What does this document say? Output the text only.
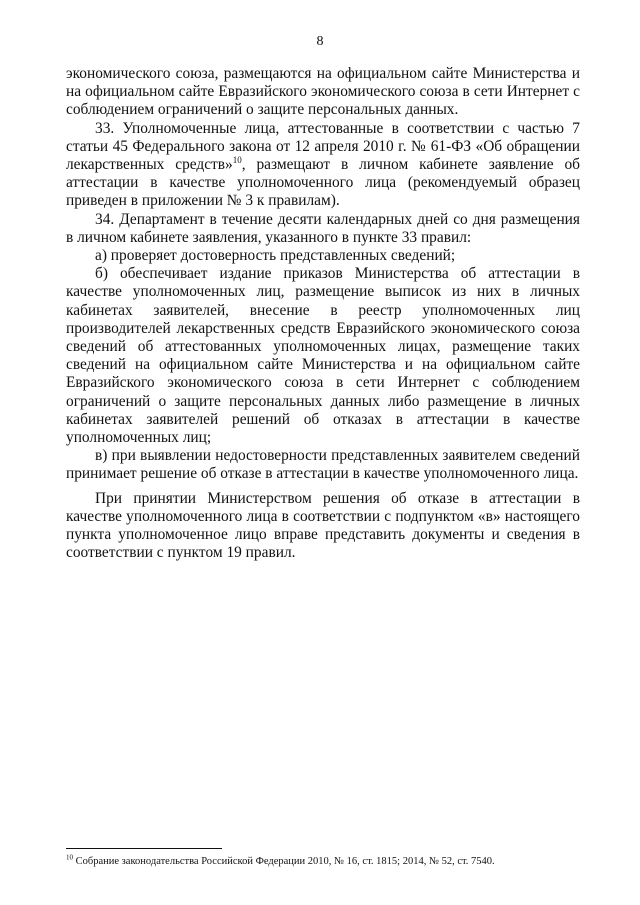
8

экономического союза, размещаются на официальном сайте Министерства и на официальном сайте Евразийского экономического союза в сети Интернет с соблюдением ограничений о защите персональных данных.

33. Уполномоченные лица, аттестованные в соответствии с частью 7 статьи 45 Федерального закона от 12 апреля 2010 г. № 61-ФЗ «Об обращении лекарственных средств»$^{10}$, размещают в личном кабинете заявление об аттестации в качестве уполномоченного лица (рекомендуемый образец приведен в приложении № 3 к правилам).

34. Департамент в течение десяти календарных дней со дня размещения в личном кабинете заявления, указанного в пункте 33 правил:

а) проверяет достоверность представленных сведений;

б) обеспечивает издание приказов Министерства об аттестации в качестве уполномоченных лиц, размещение выписок из них в личных кабинетах заявителей, внесение в реестр уполномоченных лиц производителей лекарственных средств Евразийского экономического союза сведений об аттестованных уполномоченных лицах, размещение таких сведений на официальном сайте Министерства и на официальном сайте Евразийского экономического союза в сети Интернет с соблюдением ограничений о защите персональных данных либо размещение в личных кабинетах заявителей решений об отказах в аттестации в качестве уполномоченных лиц;

в) при выявлении недостоверности представленных заявителем сведений принимает решение об отказе в аттестации в качестве уполномоченного лица.

При принятии Министерством решения об отказе в аттестации в качестве уполномоченного лица в соответствии с подпунктом «в» настоящего пункта уполномоченное лицо вправе представить документы и сведения в соответствии с пунктом 19 правил.

$^{10}$ Собрание законодательства Российской Федерации 2010, № 16, ст. 1815; 2014, № 52, ст. 7540.
